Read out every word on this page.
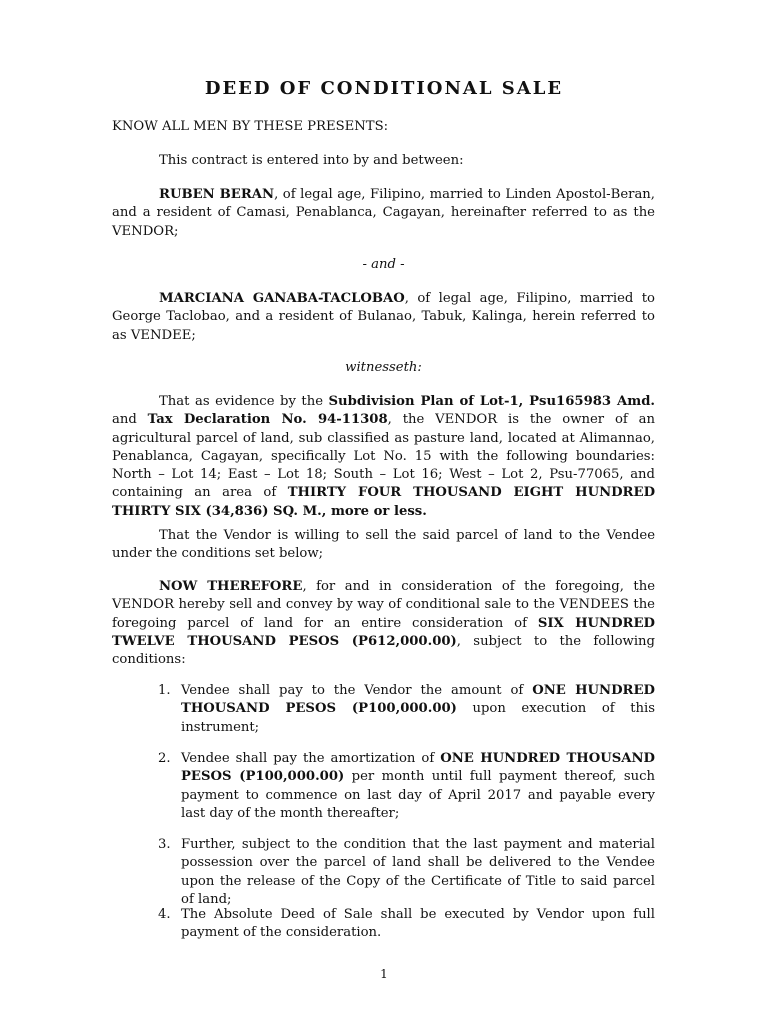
DEED OF CONDITIONAL SALE
KNOW ALL MEN BY THESE PRESENTS:
This contract is entered into by and between:
RUBEN BERAN, of legal age, Filipino, married to Linden Apostol-Beran, and a resident of Camasi, Penablanca, Cagayan, hereinafter referred to as the VENDOR;
- and -
MARCIANA GANABA-TACLOBAO, of legal age, Filipino, married to George Taclobao, and a resident of Bulanao, Tabuk, Kalinga, herein referred to as VENDEE;
witnesseth:
That as evidence by the Subdivision Plan of Lot-1, Psu165983 Amd. and Tax Declaration No. 94-11308, the VENDOR is the owner of an agricultural parcel of land, sub classified as pasture land, located at Alimannao, Penablanca, Cagayan, specifically Lot No. 15 with the following boundaries: North – Lot 14; East – Lot 18; South – Lot 16; West – Lot 2, Psu-77065, and containing an area of THIRTY FOUR THOUSAND EIGHT HUNDRED THIRTY SIX (34,836) SQ. M., more or less.
That the Vendor is willing to sell the said parcel of land to the Vendee under the conditions set below;
NOW THEREFORE, for and in consideration of the foregoing, the VENDOR hereby sell and convey by way of conditional sale to the VENDEES the foregoing parcel of land for an entire consideration of SIX HUNDRED TWELVE THOUSAND PESOS (P612,000.00), subject to the following conditions:
1. Vendee shall pay to the Vendor the amount of ONE HUNDRED THOUSAND PESOS (P100,000.00) upon execution of this instrument;
2. Vendee shall pay the amortization of ONE HUNDRED THOUSAND PESOS (P100,000.00) per month until full payment thereof, such payment to commence on last day of April 2017 and payable every last day of the month thereafter;
3. Further, subject to the condition that the last payment and material possession over the parcel of land shall be delivered to the Vendee upon the release of the Copy of the Certificate of Title to said parcel of land;
4. The Absolute Deed of Sale shall be executed by Vendor upon full payment of the consideration.
1
